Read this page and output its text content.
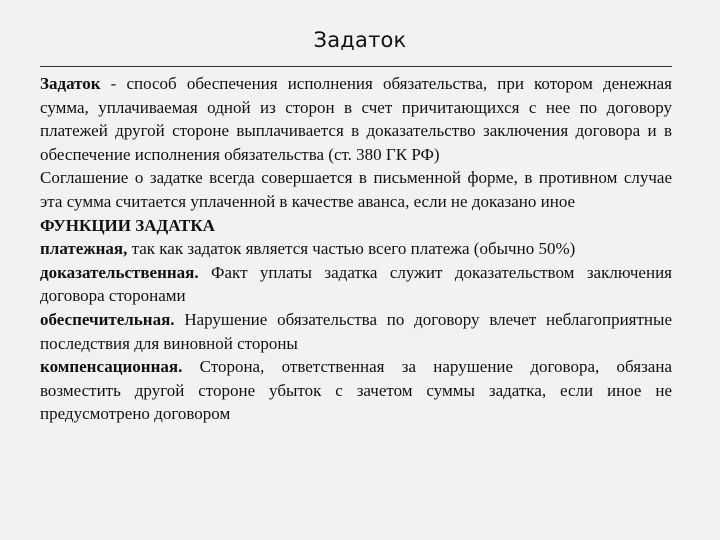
Задаток

Задаток - способ обеспечения исполнения обязательства, при котором денежная сумма, уплачиваемая одной из сторон в счет причитающихся с нее по договору платежей другой стороне выплачивается в доказательство заключения договора и в обеспечение исполнения обязательства (ст. 380 ГК РФ)

Соглашение о задатке всегда совершается в письменной форме, в противном случае эта сумма считается уплаченной в качестве аванса, если не доказано иное

ФУНКЦИИ ЗАДАТКА

платежная, так как задаток является частью всего платежа (обычно 50%)

доказательственная. Факт уплаты задатка служит доказательством заключения договора сторонами

обеспечительная. Нарушение обязательства по договору влечет неблагоприятные последствия для виновной стороны

компенсационная. Сторона, ответственная за нарушение договора, обязана возместить другой стороне убыток с зачетом суммы задатка, если иное не предусмотрено договором
